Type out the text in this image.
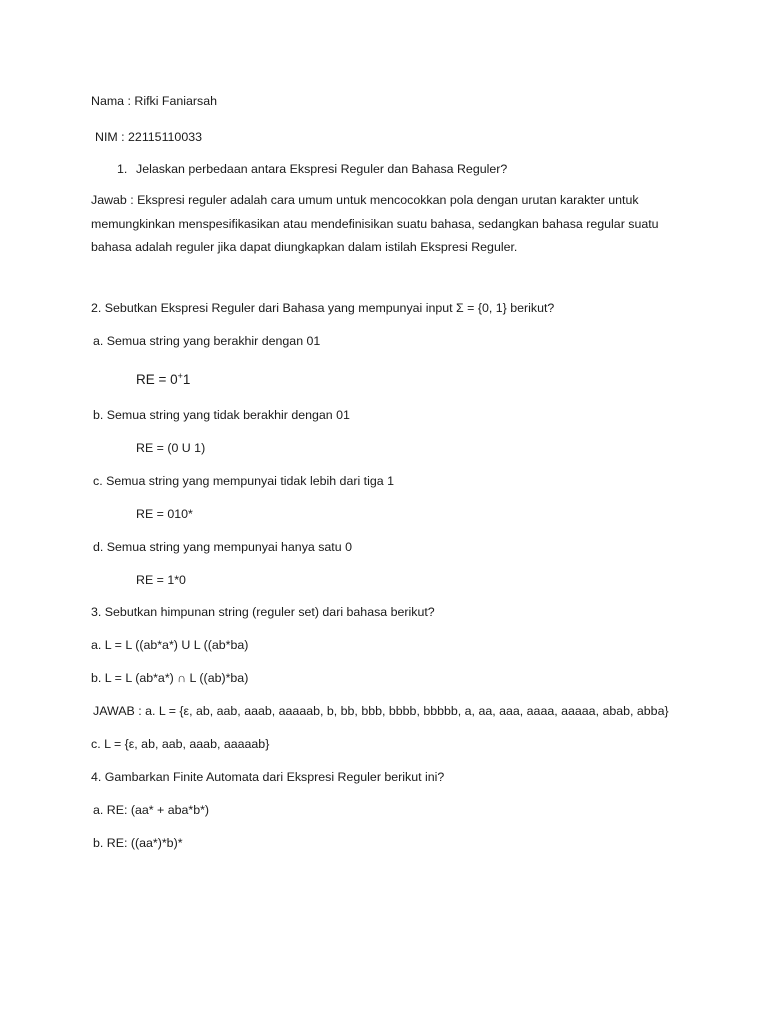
Nama : Rifki Faniarsah
NIM : 22115110033
1. Jelaskan perbedaan antara Ekspresi Reguler dan Bahasa Reguler?
Jawab : Ekspresi reguler adalah cara umum untuk mencocokkan pola dengan urutan karakter untuk memungkinkan menspesifikasikan atau mendefinisikan suatu bahasa, sedangkan bahasa regular suatu bahasa adalah reguler jika dapat diungkapkan dalam istilah Ekspresi Reguler.
2. Sebutkan Ekspresi Reguler dari Bahasa yang mempunyai input Σ = {0, 1} berikut?
a. Semua string yang berakhir dengan 01
RE = 0+1
b. Semua string yang tidak berakhir dengan 01
RE = (0 U 1)
c. Semua string yang mempunyai tidak lebih dari tiga 1
RE = 010*
d. Semua string yang mempunyai hanya satu 0
RE = 1*0
3. Sebutkan himpunan string (reguler set) dari bahasa berikut?
a. L = L ((ab*a*) U L ((ab*ba)
b. L = L (ab*a*) ∩ L ((ab)*ba)
JAWAB : a. L = {ε, ab, aab, aaab, aaaaab, b, bb, bbb, bbbb, bbbbb, a, aa, aaa, aaaa, aaaaa, abab, abba}
c. L = {ε, ab, aab, aaab, aaaaab}
4. Gambarkan Finite Automata dari Ekspresi Reguler berikut ini?
a. RE: (aa* + aba*b*)
b. RE: ((aa*)*b)*
